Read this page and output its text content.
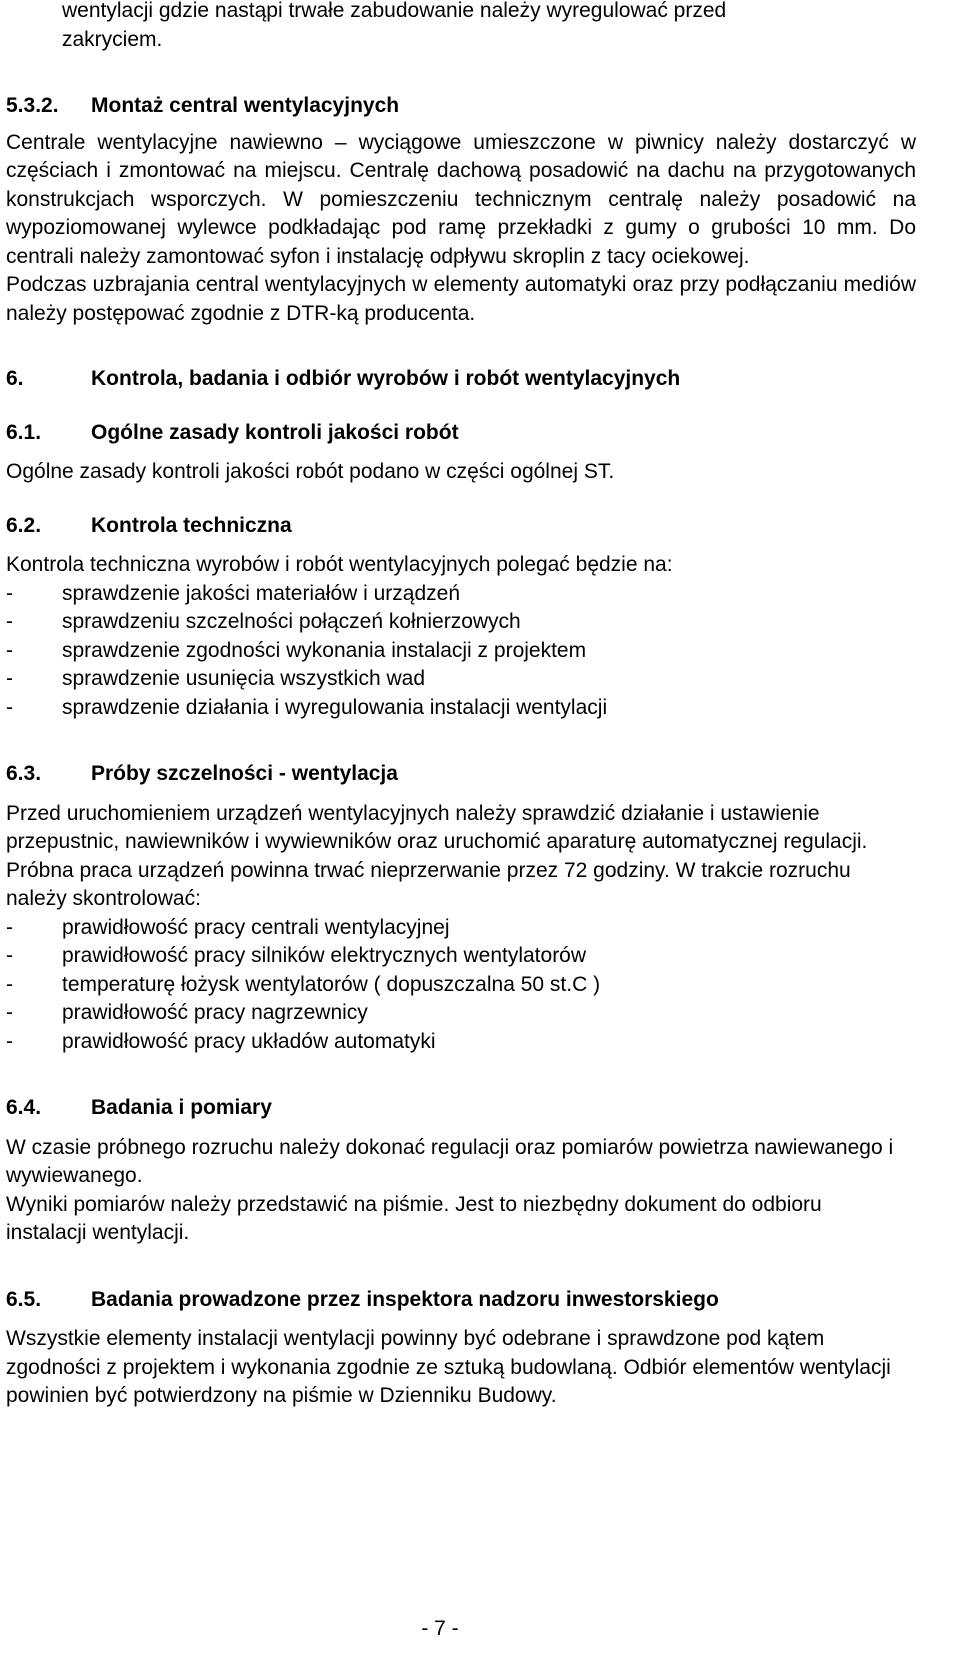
wentylacji gdzie nastąpi trwałe zabudowanie należy wyregulować przed
zakryciem.
5.3.2.	Montaż central wentylacyjnych

Centrale wentylacyjne nawiewno – wyciągowe umieszczone w piwnicy należy dostarczyć w częściach i zmontować na miejscu. Centralę dachową posadowić na dachu na przygotowanych konstrukcjach wsporczych. W pomieszczeniu technicznym centralę należy posadowić na wypoziomowanej wylewce podkładając pod ramę przekładki z gumy o grubości 10 mm. Do centrali należy zamontować syfon i instalację odpływu skroplin z tacy ociekowej.

Podczas uzbrajania central wentylacyjnych w elementy automatyki oraz przy podłączaniu mediów należy postępować zgodnie z DTR-ką producenta.

6.	Kontrola, badania i odbiór wyrobów i robót wentylacyjnych
6.1.	Ogólne zasady kontroli jakości robót

Ogólne zasady kontroli jakości robót podano w części ogólnej ST.

6.2.	Kontrola techniczna

Kontrola techniczna wyrobów i robót wentylacyjnych polegać będzie na:

-	sprawdzenie jakości materiałów i urządzeń
-	sprawdzeniu szczelności połączeń kołnierzowych
-	sprawdzenie zgodności wykonania instalacji z projektem
-	sprawdzenie usunięcia wszystkich wad
-	sprawdzenie działania i wyregulowania instalacji wentylacji
6.3.	Próby szczelności - wentylacja

Przed uruchomieniem urządzeń wentylacyjnych należy sprawdzić działanie i ustawienie przepustnic, nawiewników i wywiewników oraz uruchomić aparaturę automatycznej regulacji.

Próbna praca urządzeń powinna trwać nieprzerwanie przez 72 godziny. W trakcie rozruchu należy skontrolować:

-	prawidłowość pracy centrali wentylacyjnej
-	prawidłowość pracy silników elektrycznych wentylatorów
-	temperaturę łożysk wentylatorów ( dopuszczalna 50 st.C )
-	prawidłowość pracy nagrzewnicy
-	prawidłowość pracy układów automatyki
6.4.	Badania i pomiary

W czasie próbnego rozruchu należy dokonać regulacji oraz pomiarów powietrza nawiewanego i wywiewanego.

Wyniki pomiarów należy przedstawić na piśmie. Jest to niezbędny dokument do odbioru instalacji wentylacji.

6.5.	Badania prowadzone przez inspektora nadzoru inwestorskiego

Wszystkie elementy instalacji wentylacji powinny być odebrane i sprawdzone pod kątem zgodności z projektem i wykonania zgodnie ze sztuką budowlaną. Odbiór elementów wentylacji powinien być potwierdzony na piśmie w Dzienniku Budowy.

- 7 -
